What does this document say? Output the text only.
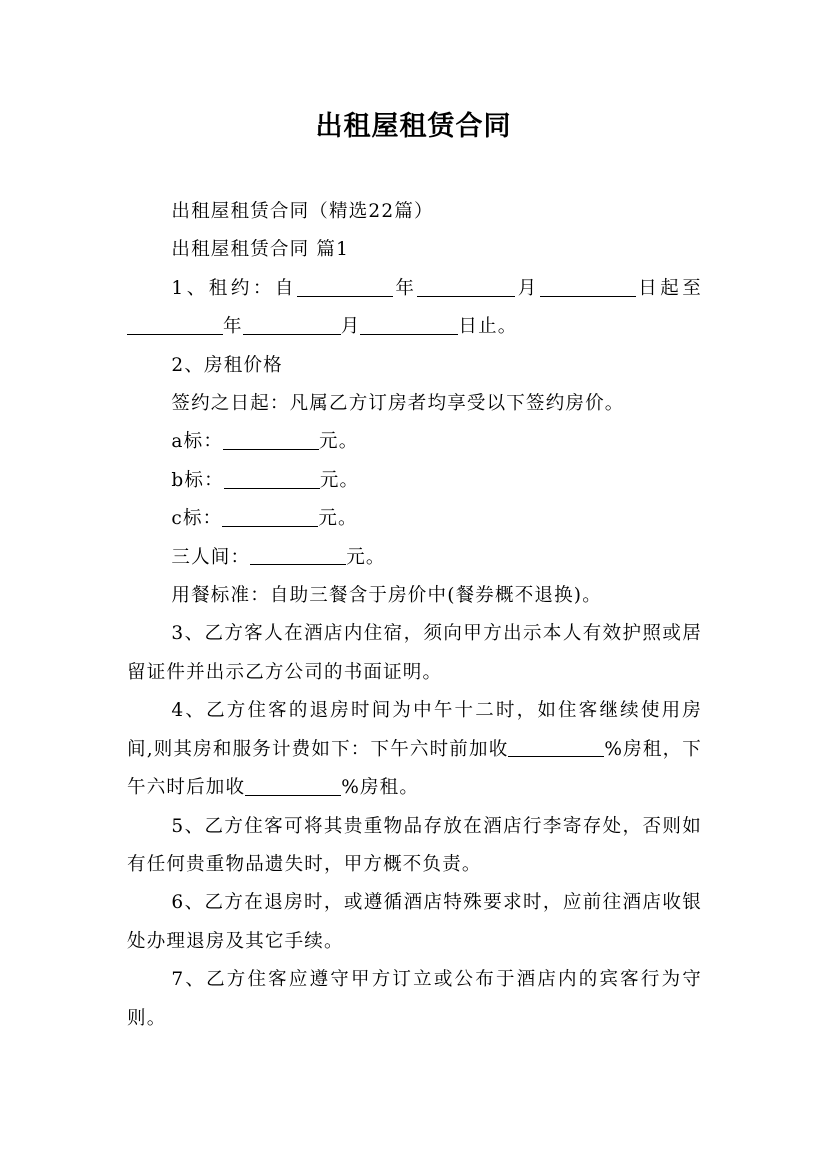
出租屋租赁合同

出租屋租赁合同（精选22篇）

出租屋租赁合同 篇1

1、租约：自	年	月	日起至年	月	日止。

2、房租价格

签约之日起：凡属乙方订房者均享受以下签约房价。

a标：	元。

b标：	元。

c标：	元。

三人间：	元。

用餐标准：自助三餐含于房价中(餐券概不退换)。

3、乙方客人在酒店内住宿，须向甲方出示本人有效护照或居留证件并出示乙方公司的书面证明。

4、乙方住客的退房时间为中午十二时，如住客继续使用房间,则其房和服务计费如下：下午六时前加收	%房租，下午六时后加收	%房租。

5、乙方住客可将其贵重物品存放在酒店行李寄存处，否则如有任何贵重物品遗失时，甲方概不负责。

6、乙方在退房时，或遵循酒店特殊要求时，应前往酒店收银处办理退房及其它手续。

7、乙方住客应遵守甲方订立或公布于酒店内的宾客行为守则。
